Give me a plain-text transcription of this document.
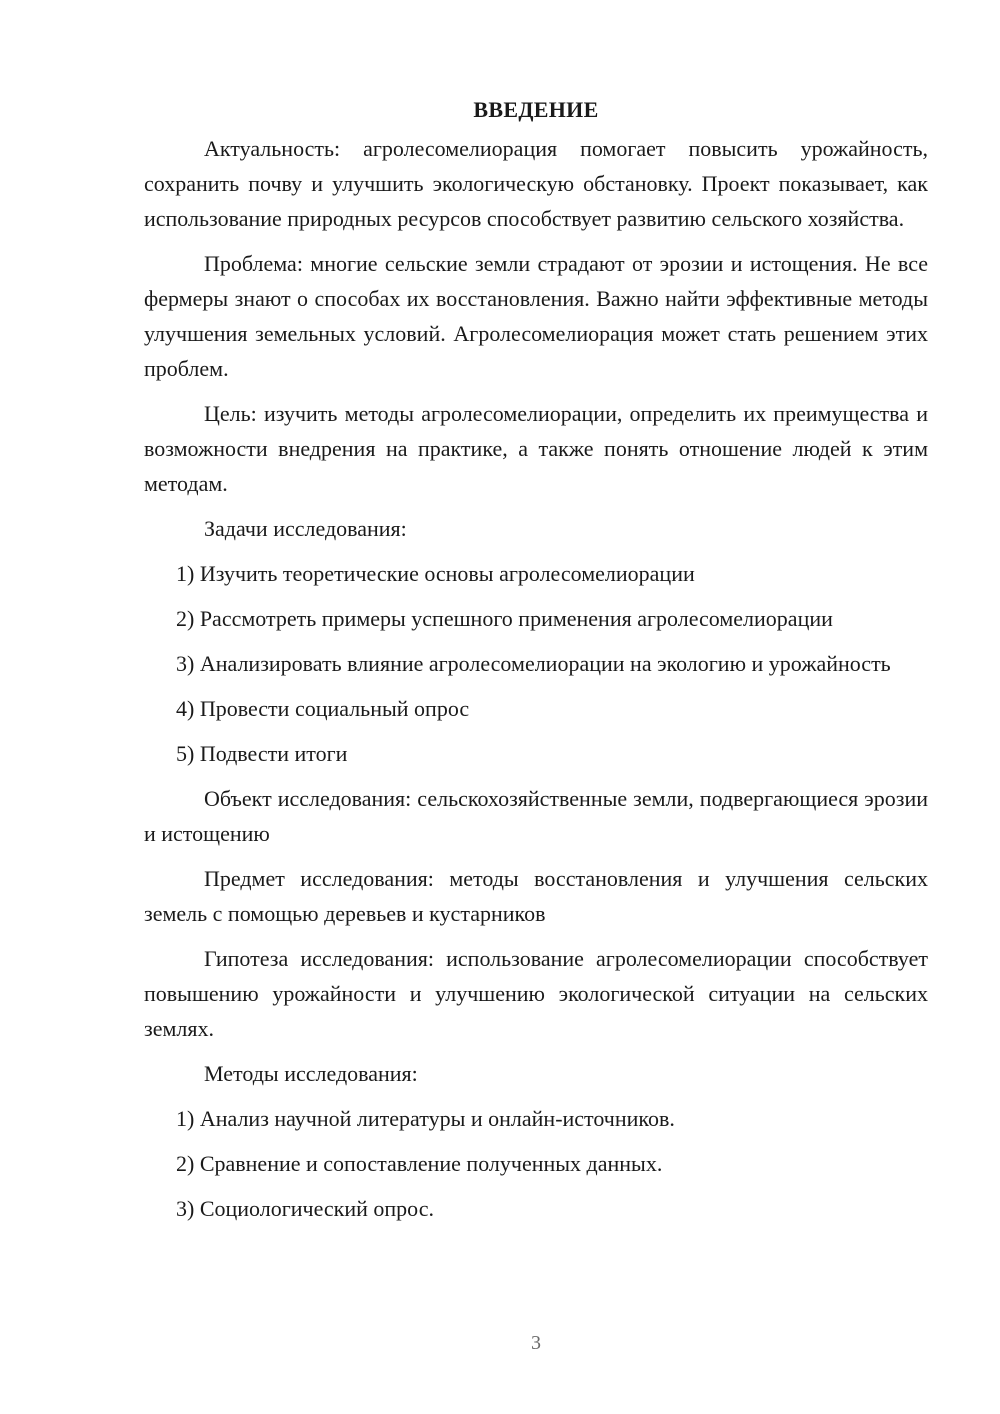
ВВЕДЕНИЕ

Актуальность: агролесомелиорация помогает повысить урожайность, сохранить почву и улучшить экологическую обстановку. Проект показывает, как использование природных ресурсов способствует развитию сельского хозяйства.

Проблема: многие сельские земли страдают от эрозии и истощения. Не все фермеры знают о способах их восстановления. Важно найти эффективные методы улучшения земельных условий. Агролесомелиорация может стать решением этих проблем.

Цель: изучить методы агролесомелиорации, определить их преимущества и возможности внедрения на практике, а также понять отношение людей к этим методам.

Задачи исследования:

1) Изучить теоретические основы агролесомелиорации

2) Рассмотреть примеры успешного применения агролесомелиорации

3) Анализировать влияние агролесомелиорации на экологию и урожайность

4) Провести социальный опрос

5) Подвести итоги

Объект исследования: сельскохозяйственные земли, подвергающиеся эрозии и истощению

Предмет исследования: методы восстановления и улучшения сельских земель с помощью деревьев и кустарников

Гипотеза исследования: использование агролесомелиорации способствует повышению урожайности и улучшению экологической ситуации на сельских землях.

Методы исследования:

1) Анализ научной литературы и онлайн-источников.

2) Сравнение и сопоставление полученных данных.

3) Социологический опрос.

3
